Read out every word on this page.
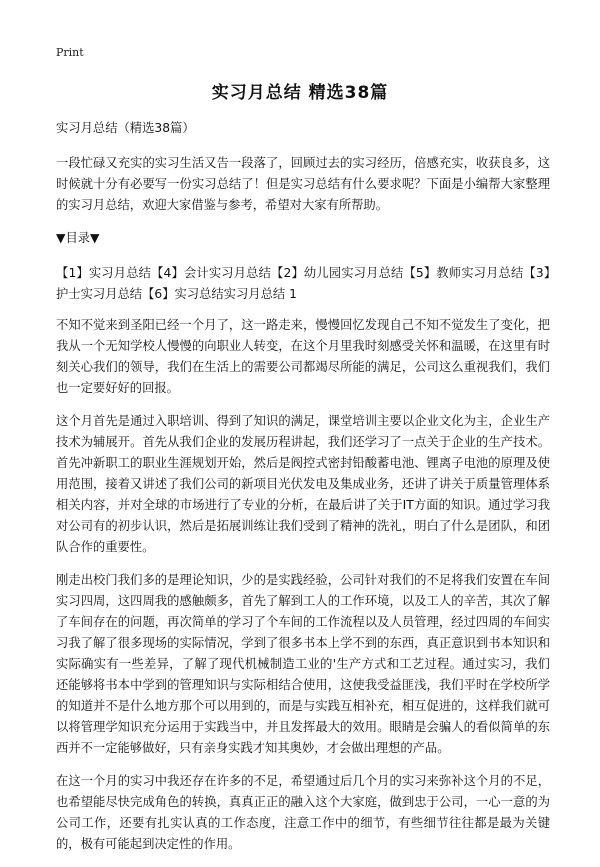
Print
实习月总结 精选38篇

实习月总结（精选38篇）

一段忙碌又充实的实习生活又告一段落了，回顾过去的实习经历，倍感充实，收获良多，这时候就十分有必要写一份实习总结了！但是实习总结有什么要求呢？下面是小编帮大家整理的实习月总结，欢迎大家借鉴与参考，希望对大家有所帮助。

▼目录▼

【1】实习月总结【4】会计实习月总结【2】幼儿园实习月总结【5】教师实习月总结【3】护士实习月总结【6】实习总结实习月总结 1

不知不觉来到圣阳已经一个月了，这一路走来，慢慢回忆发现自己不知不觉发生了变化，把我从一个无知学校人慢慢的向职业人转变，在这个月里我时刻感受关怀和温暖，在这里有时刻关心我们的领导，我们在生活上的需要公司都竭尽所能的满足，公司这么重视我们，我们也一定要好好的回报。

这个月首先是通过入职培训、得到了知识的满足，课堂培训主要以企业文化为主，企业生产技术为辅展开。首先从我们企业的发展历程讲起，我们还学习了一点关于企业的生产技术。首先冲新职工的职业生涯规划开始，然后是阀控式密封铅酸蓄电池、锂离子电池的原理及使用范围，接着又讲述了我们公司的新项目光伏发电及集成业务，还讲了讲关于质量管理体系相关内容，并对全球的市场进行了专业的分析，在最后讲了关于IT方面的知识。通过学习我对公司有的初步认识，然后是拓展训练让我们受到了精神的洗礼，明白了什么是团队，和团队合作的重要性。

刚走出校门我们多的是理论知识，少的是实践经验，公司针对我们的不足将我们安置在车间实习四周，这四周我的感触颇多，首先了解到工人的工作环境，以及工人的辛苦，其次了解了车间存在的问题，再次简单的学习了个车间的工作流程以及人员管理，经过四周的车间实习我了解了很多现场的实际情况，学到了很多书本上学不到的东西，真正意识到书本知识和实际确实有一些差异，了解了现代机械制造工业的'生产方式和工艺过程。通过实习，我们还能够将书本中学到的管理知识与实际相结合使用，这使我受益匪浅，我们平时在学校所学的知道并不是什么地方那个可以用到的，而是与实践互相补充，相互促进的，这样我们就可以将管理学知识充分运用于实践当中，并且发挥最大的效用。眼睛是会骗人的看似简单的东西并不一定能够做好，只有亲身实践才知其奥妙，才会做出理想的产品。

在这一个月的实习中我还存在许多的不足，希望通过后几个月的实习来弥补这个月的不足，也希望能尽快完成角色的转换，真真正正的融入这个大家庭，做到忠于公司，一心一意的为公司工作，还要有扎实认真的工作态度，注意工作中的细节，有些细节往往都是最为关键的，极有可能起到决定性的作用。
